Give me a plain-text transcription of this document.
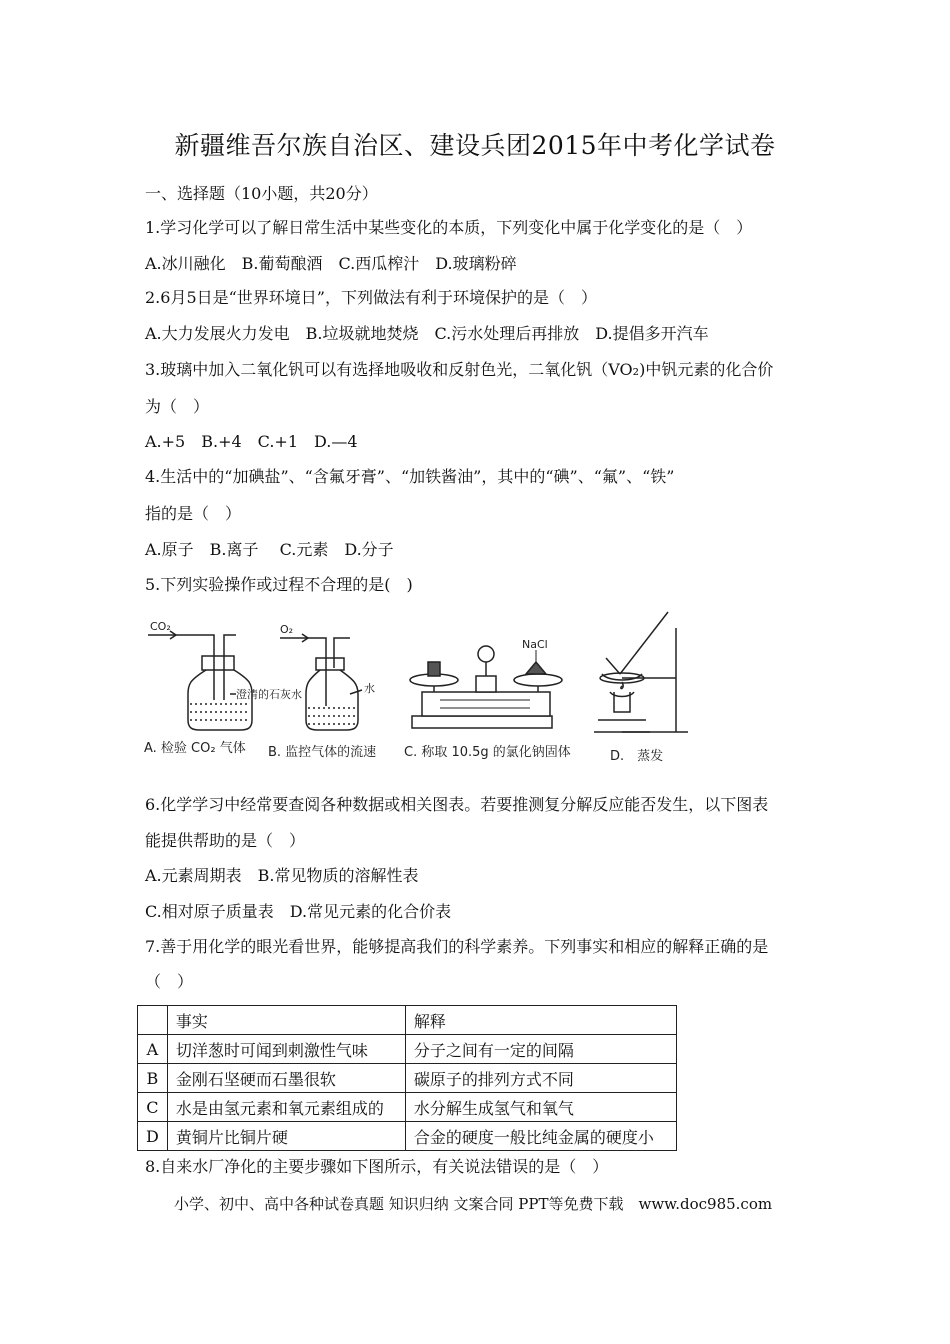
新疆维吾尔族自治区、建设兵团2015年中考化学试卷
一、选择题（10小题，共20分）
1.学习化学可以了解日常生活中某些变化的本质，下列变化中属于化学变化的是（　）
A.冰川融化　B.葡萄酿酒　C.西瓜榨汁　D.玻璃粉碎
2.6月5日是“世界环境日”，下列做法有利于环境保护的是（　）
A.大力发展火力发电　B.垃圾就地焚烧　C.污水处理后再排放　D.提倡多开汽车
3.玻璃中加入二氧化钒可以有选择地吸收和反射色光，二氧化钒（VO₂)中钒元素的化合价
为（　）
A.+5　B.+4　C.+1　D.—4
4.生活中的“加碘盐”、“含氟牙膏”、“加铁酱油”，其中的“碘”、“氟”、“铁”
指的是（　）
A.原子　B.离子　 C.元素　D.分子
5.下列实验操作或过程不合理的是(　)
CO₂
澄清的石灰水
O₂
水
NaCl
A. 检验 CO₂ 气体 B. 监控气体的流速 C. 称取 10.5g 的氯化钠固体	D.　蒸发
6.化学学习中经常要查阅各种数据或相关图表。若要推测复分解反应能否发生，以下图表
能提供帮助的是（　）
A.元素周期表　B.常见物质的溶解性表
C.相对原子质量表　D.常见元素的化合价表
7.善于用化学的眼光看世界，能够提高我们的科学素养。下列事实和相应的解释正确的是
（　）
	事实	解释
A	切洋葱时可闻到刺激性气味	分子之间有一定的间隔
B	金刚石坚硬而石墨很软	碳原子的排列方式不同
C	水是由氢元素和氧元素组成的	水分解生成氢气和氧气
D	黄铜片比铜片硬	合金的硬度一般比纯金属的硬度小
8.自来水厂净化的主要步骤如下图所示，有关说法错误的是（　）
小学、初中、高中各种试卷真题 知识归纳 文案合同 PPT等免费下载　www.doc985.com
